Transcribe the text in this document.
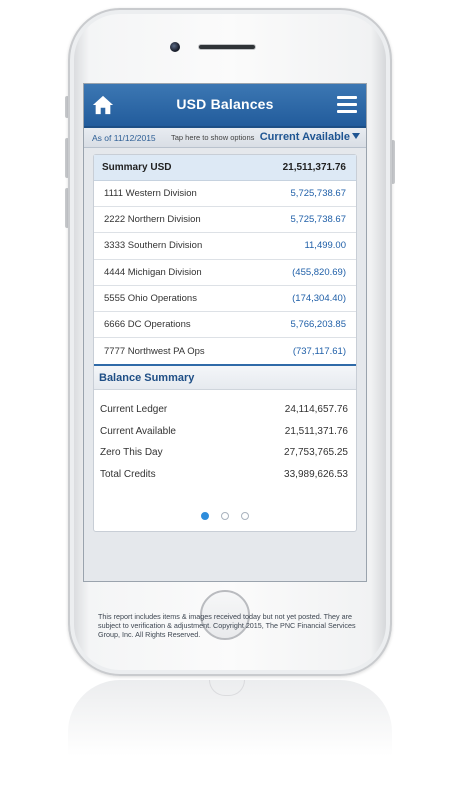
USD Balances
As of 11/12/2015 Tap here to show options Current Available
Summary USD	21,511,371.76
1111 Western Division	5,725,738.67
2222 Northern Division	5,725,738.67
3333 Southern Division	11,499.00
4444 Michigan Division	(455,820.69)
5555 Ohio Operations	(174,304.40)
6666 DC Operations	5,766,203.85
7777 Northwest PA Ops	(737,117.61)
Balance Summary
Current Ledger	24,114,657.76
Current Available	21,511,371.76
Zero This Day	27,753,765.25
Total Credits	33,989,626.53

This report includes items & images received today but not yet posted. They are subject to verification & adjustment. Copyright 2015, The PNC Financial Services Group, Inc. All Rights Reserved.
